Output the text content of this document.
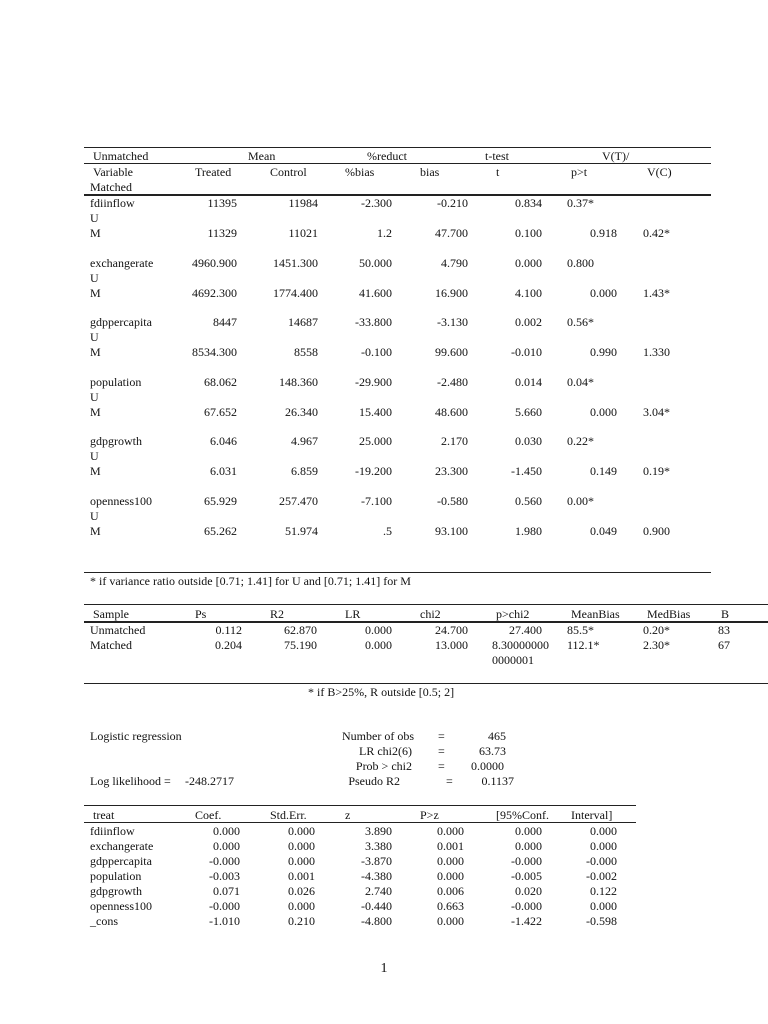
Unmatched	Mean	%reduct	t-test	V(T)/
Variable	Treated	Control	%bias	bias	t	p>t	V(C)
Matched
fdiinflow	11395	11984	-2.300	-0.210	0.834 0.37*
U
M	11329	11021	1.2	47.700	0.100	0.918 0.42*
exchangerate	4960.900	1451.300	50.000	4.790	0.000 0.800
U
M	4692.300	1774.400	41.600	16.900	4.100	0.000 1.43*
gdppercapita	8447	14687	-33.800	-3.130	0.002 0.56*
U
M	8534.300	8558	-0.100	99.600	-0.010	0.990 1.330
population	68.062	148.360	-29.900	-2.480	0.014 0.04*
U
M	67.652	26.340	15.400	48.600	5.660	0.000 3.04*
gdpgrowth	6.046	4.967	25.000	2.170	0.030 0.22*
U
M	6.031	6.859	-19.200	23.300	-1.450	0.149 0.19*
openness100	65.929	257.470	-7.100	-0.580	0.560 0.00*
U
M	65.262	51.974	.5	93.100	1.980	0.049 0.900
* if variance ratio outside [0.71; 1.41] for U and [0.71; 1.41] for M
Sample	Ps	R2	LR	chi2	p>chi2	MeanBias MedBias	B
Unmatched	0.112	62.870	0.000	24.700	27.400 85.5*	0.20*	83
Matched	0.204	75.190	0.000	13.000 8.30000000 112.1*	2.30*	67
0000001
* if B>25%, R outside [0.5; 2]
Logistic regression
Log likelihood = -248.2717
Number of obs =	465
LR chi2(6) =	63.73
Prob > chi2 =	0.0000
Pseudo R2	=	0.1137
treat	Coef.	Std.Err.	z	P>z	[95%Conf. Interval]
fdiinflow	0.000	0.000	3.890	0.000	0.000	0.000
exchangerate	0.000	0.000	3.380	0.001	0.000	0.000
gdppercapita	-0.000	0.000	-3.870	0.000	-0.000	-0.000
population	-0.003	0.001	-4.380	0.000	-0.005	-0.002
gdpgrowth	0.071	0.026	2.740	0.006	0.020	0.122
openness100	-0.000	0.000	-0.440	0.663	-0.000	0.000
_cons	-1.010	0.210	-4.800	0.000	-1.422	-0.598
1
